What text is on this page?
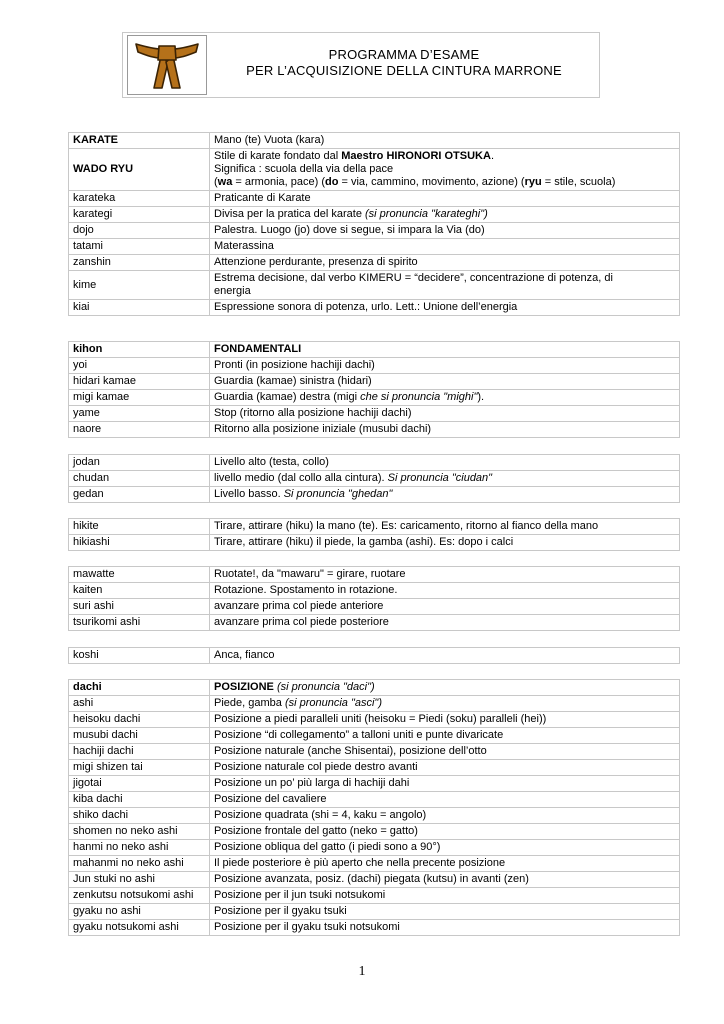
PROGRAMMA D’ESAME
PER L’ACQUISIZIONE DELLA CINTURA MARRONE
KARATE	Mano (te) Vuota (kara)
WADO RYU	Stile di karate fondato dal Maestro HIRONORI OTSUKA.
Significa : scuola della via della pace
(wa = armonia, pace) (do = via, cammino, movimento, azione) (ryu = stile, scuola)

karateka	Praticante di Karate
karategi	Divisa per la pratica del karate (si pronuncia "karateghi")
dojo	Palestra. Luogo (jo) dove si segue, si impara la Via (do)
tatami	Materassina
zanshin	Attenzione perdurante, presenza di spirito
kime	Estrema decisione, dal verbo KIMERU = “decidere”, concentrazione di potenza, di
energia

kiai	Espressione sonora di potenza, urlo. Lett.: Unione dell’energia
kihon	FONDAMENTALI
yoi	Pronti (in posizione hachiji dachi)
hidari kamae	Guardia (kamae) sinistra (hidari)
migi kamae	Guardia (kamae) destra (migi che si pronuncia "mighi").
yame	Stop (ritorno alla posizione hachiji dachi)
naore	Ritorno alla posizione iniziale (musubi dachi)
jodan	Livello alto (testa, collo)
chudan	livello medio (dal collo alla cintura). Si pronuncia "ciudan"
gedan	Livello basso. Si pronuncia "ghedan"
hikite	Tirare, attirare (hiku) la mano (te). Es: caricamento, ritorno al fianco della mano
hikiashi	Tirare, attirare (hiku) il piede, la gamba (ashi). Es: dopo i calci
mawatte	Ruotate!, da "mawaru" = girare, ruotare
kaiten	Rotazione. Spostamento in rotazione.
suri ashi	avanzare prima col piede anteriore
tsurikomi ashi	avanzare prima col piede posteriore
koshi	Anca, fianco
dachi	POSIZIONE (si pronuncia "daci")
ashi	Piede, gamba (si pronuncia "asci")
heisoku dachi	Posizione a piedi paralleli uniti (heisoku = Piedi (soku) paralleli (hei))
musubi dachi	Posizione “di collegamento” a talloni uniti e punte divaricate
hachiji dachi	Posizione naturale (anche Shisentai), posizione dell’otto
migi shizen tai	Posizione naturale col piede destro avanti
jigotai	Posizione un po’ più larga di hachiji dahi
kiba dachi	Posizione del cavaliere
shiko dachi	Posizione quadrata (shi = 4, kaku = angolo)
shomen no neko ashi	Posizione frontale del gatto (neko = gatto)
hanmi no neko ashi	Posizione obliqua del gatto (i piedi sono a 90°)
mahanmi no neko ashi	Il piede posteriore è più aperto che nella precente posizione
Jun stuki no ashi	Posizione avanzata, posiz. (dachi) piegata (kutsu) in avanti (zen)
zenkutsu notsukomi ashi	Posizione per il jun tsuki notsukomi
gyaku no ashi	Posizione per il gyaku tsuki
gyaku notsukomi ashi	Posizione per il gyaku tsuki notsukomi
1
